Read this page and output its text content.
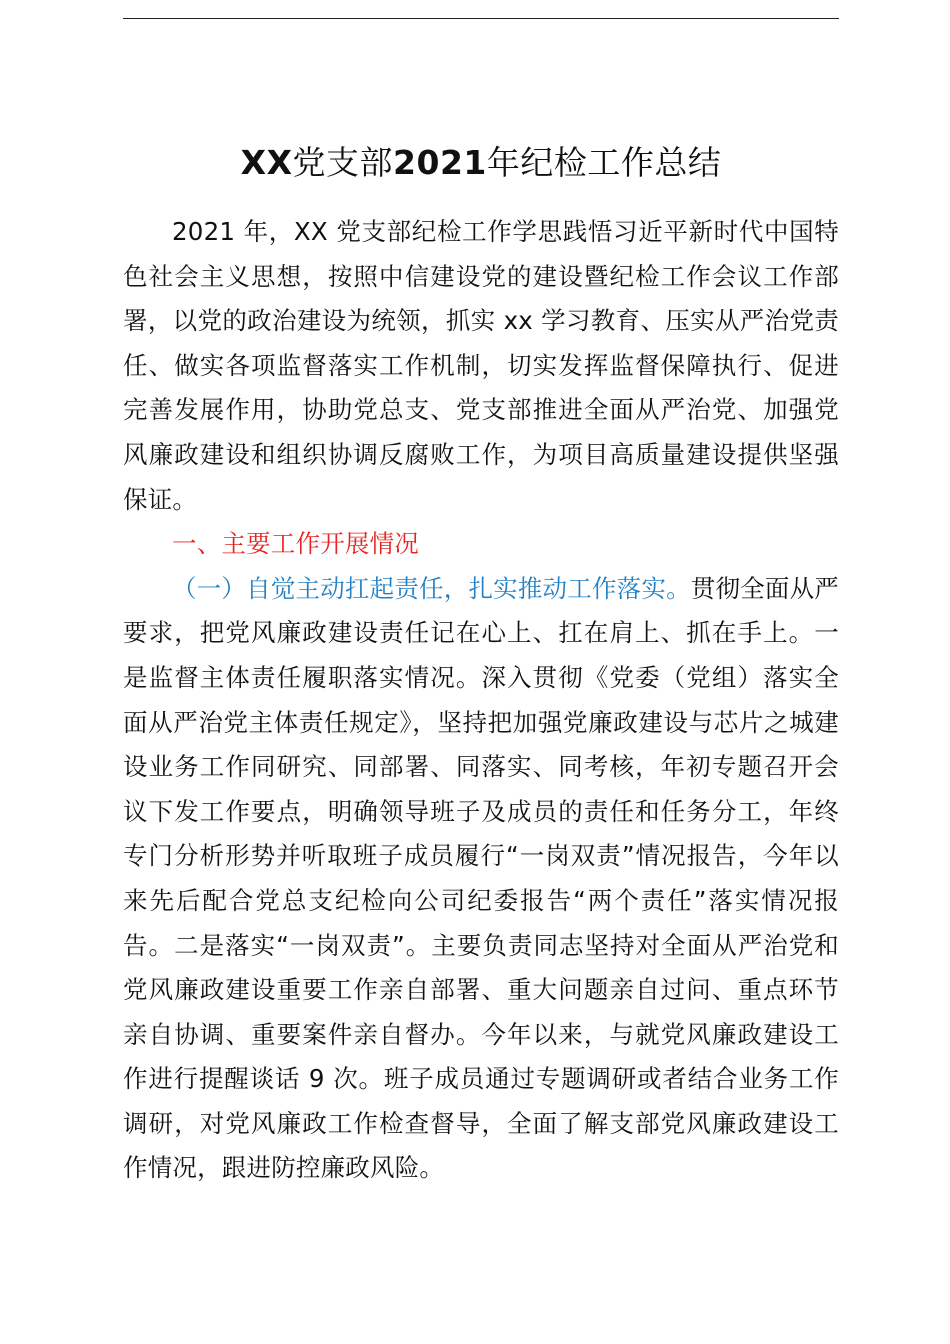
XX党支部2021年纪检工作总结

2021 年，XX 党支部纪检工作学思践悟习近平新时代中国特色社会主义思想，按照中信建设党的建设暨纪检工作会议工作部署，以党的政治建设为统领，抓实 xx 学习教育、压实从严治党责任、做实各项监督落实工作机制，切实发挥监督保障执行、促进完善发展作用，协助党总支、党支部推进全面从严治党、加强党风廉政建设和组织协调反腐败工作，为项目高质量建设提供坚强保证。

一、主要工作开展情况

（一）自觉主动扛起责任，扎实推动工作落实。贯彻全面从严要求，把党风廉政建设责任记在心上、扛在肩上、抓在手上。一是监督主体责任履职落实情况。深入贯彻《党委（党组）落实全面从严治党主体责任规定》，坚持把加强党廉政建设与芯片之城建设业务工作同研究、同部署、同落实、同考核，年初专题召开会议下发工作要点，明确领导班子及成员的责任和任务分工，年终专门分析形势并听取班子成员履行“一岗双责”情况报告，今年以来先后配合党总支纪检向公司纪委报告“两个责任”落实情况报告。二是落实“一岗双责”。主要负责同志坚持对全面从严治党和党风廉政建设重要工作亲自部署、重大问题亲自过问、重点环节亲自协调、重要案件亲自督办。今年以来，与就党风廉政建设工作进行提醒谈话 9 次。班子成员通过专题调研或者结合业务工作调研，对党风廉政工作检查督导，全面了解支部党风廉政建设工作情况，跟进防控廉政风险。
